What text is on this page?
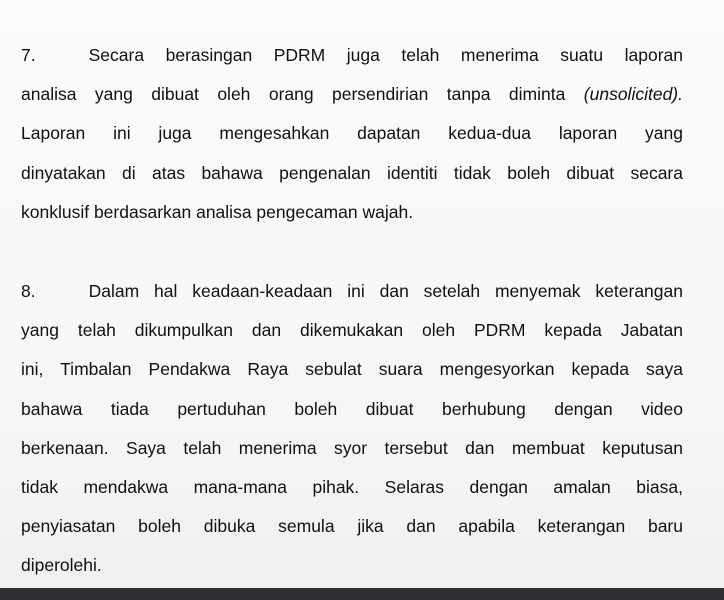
7.	Secara berasingan PDRM juga telah menerima suatu laporan
analisa yang dibuat oleh orang persendirian tanpa diminta (unsolicited).
Laporan ini juga mengesahkan dapatan kedua-dua laporan yang
dinyatakan di atas bahawa pengenalan identiti tidak boleh dibuat secara
konklusif berdasarkan analisa pengecaman wajah.
8.	Dalam hal keadaan-keadaan ini dan setelah menyemak keterangan
yang telah dikumpulkan dan dikemukakan oleh PDRM kepada Jabatan
ini, Timbalan Pendakwa Raya sebulat suara mengesyorkan kepada saya
bahawa tiada pertuduhan boleh dibuat berhubung dengan video
berkenaan. Saya telah menerima syor tersebut dan membuat keputusan
tidak mendakwa mana-mana pihak. Selaras dengan amalan biasa,
penyiasatan boleh dibuka semula jika dan apabila keterangan baru
diperolehi.
